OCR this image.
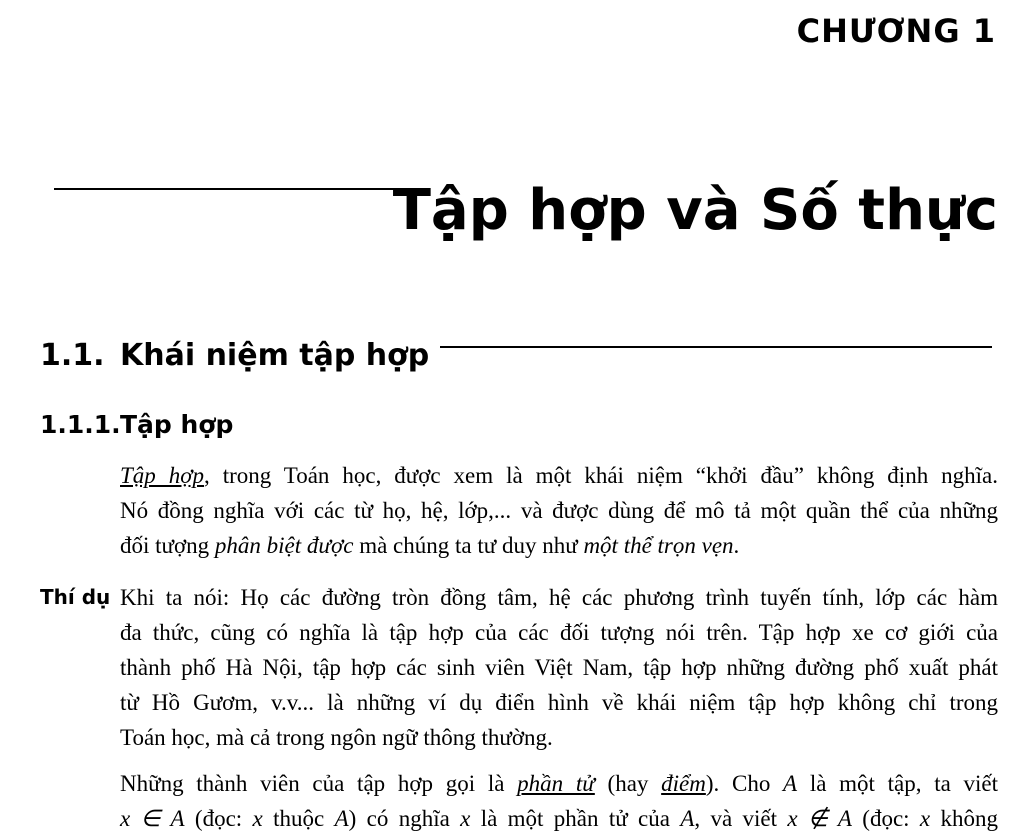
CHƯƠNG 1
Tập hợp và Số thực
1.1. Khái niệm tập hợp
1.1.1.Tập hợp
Tập hợp, trong Toán học, được xem là một khái niệm “khởi đầu” không định nghĩa.
Nó đồng nghĩa với các từ họ, hệ, lớp,... và được dùng để mô tả một quần thể của những
đối tượng phân biệt được mà chúng ta tư duy như một thể trọn vẹn.
Thí dụ Khi ta nói: Họ các đường tròn đồng tâm, hệ các phương trình tuyến tính, lớp các hàm
đa thức, cũng có nghĩa là tập hợp của các đối tượng nói trên. Tập hợp xe cơ giới của
thành phố Hà Nội, tập hợp các sinh viên Việt Nam, tập hợp những đường phố xuất phát
từ Hồ Gươm, v.v... là những ví dụ điển hình về khái niệm tập hợp không chỉ trong
Toán học, mà cả trong ngôn ngữ thông thường.
Những thành viên của tập hợp gọi là phần tử (hay điểm). Cho A là một tập, ta viết
x ∈ A (đọc: x thuộc A) có nghĩa x là một phần tử của A, và viết x ∉ A (đọc: x không
